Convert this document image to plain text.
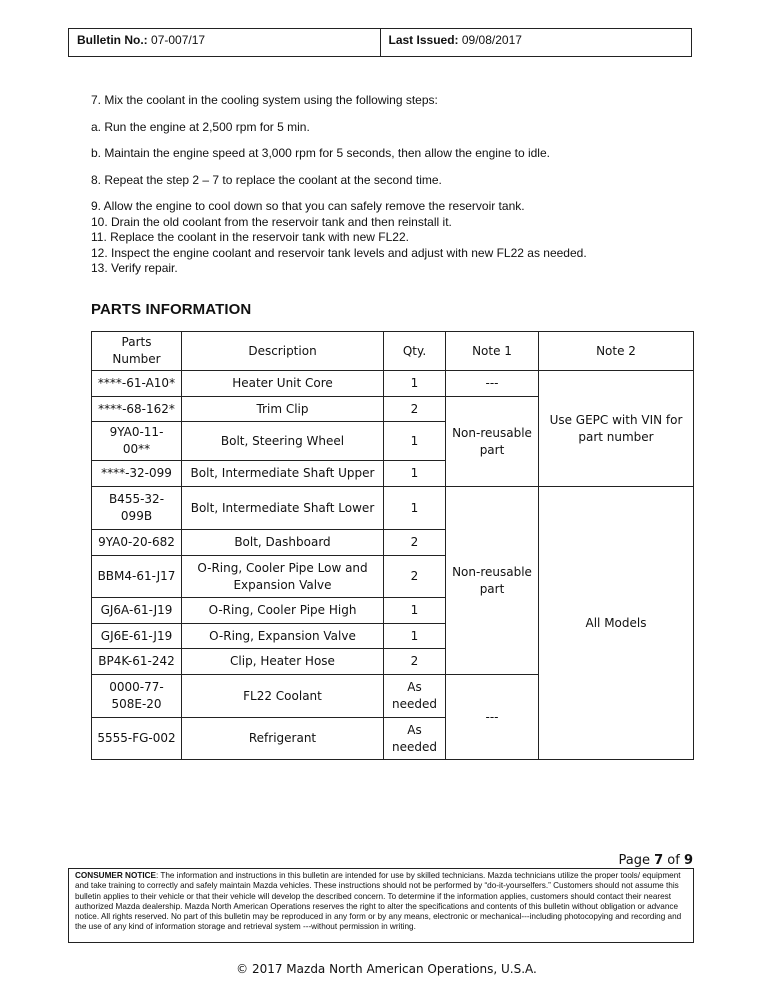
Bulletin No.: 07-007/17	Last Issued: 09/08/2017

7. Mix the coolant in the cooling system using the following steps:

a. Run the engine at 2,500 rpm for 5 min.

b. Maintain the engine speed at 3,000 rpm for 5 seconds, then allow the engine to idle.

8. Repeat the step 2 – 7 to replace the coolant at the second time.

9. Allow the engine to cool down so that you can safely remove the reservoir tank.

10. Drain the old coolant from the reservoir tank and then reinstall it.

11. Replace the coolant in the reservoir tank with new FL22.

12. Inspect the engine coolant and reservoir tank levels and adjust with new FL22 as needed.

13. Verify repair.

PARTS INFORMATION
Parts Number	Description	Qty.	Note 1	Note 2
****-61-A10*	Heater Unit Core	1	---	Use GEPC with VIN for part number
****-68-162*	Trim Clip	2	Non-reusable part	
9YA0-11-00**	Bolt, Steering Wheel	1		
****-32-099	Bolt, Intermediate Shaft Upper	1		
B455-32-099B	Bolt, Intermediate Shaft Lower	1	Non-reusable part	All Models
9YA0-20-682	Bolt, Dashboard	2		
BBM4-61-J17	O-Ring, Cooler Pipe Low and Expansion Valve	2		
GJ6A-61-J19	O-Ring, Cooler Pipe High	1		
GJ6E-61-J19	O-Ring, Expansion Valve	1		
BP4K-61-242	Clip, Heater Hose	2		
0000-77-508E-20	FL22 Coolant	As needed	---	
5555-FG-002	Refrigerant	As needed		
Page 7 of 9
CONSUMER NOTICE: The information and instructions in this bulletin are intended for use by skilled technicians. Mazda technicians utilize the proper tools/ equipment and take training to correctly and safely maintain Mazda vehicles. These instructions should not be performed by “do-it-yourselfers.” Customers should not assume this bulletin applies to their vehicle or that their vehicle will develop the described concern. To determine if the information applies, customers should contact their nearest authorized Mazda dealership. Mazda North American Operations reserves the right to alter the specifications and contents of this bulletin without obligation or advance notice. All rights reserved. No part of this bulletin may be reproduced in any form or by any means, electronic or mechanical---including photocopying and recording and the use of any kind of information storage and retrieval system ---without permission in writing.
© 2017 Mazda North American Operations, U.S.A.
